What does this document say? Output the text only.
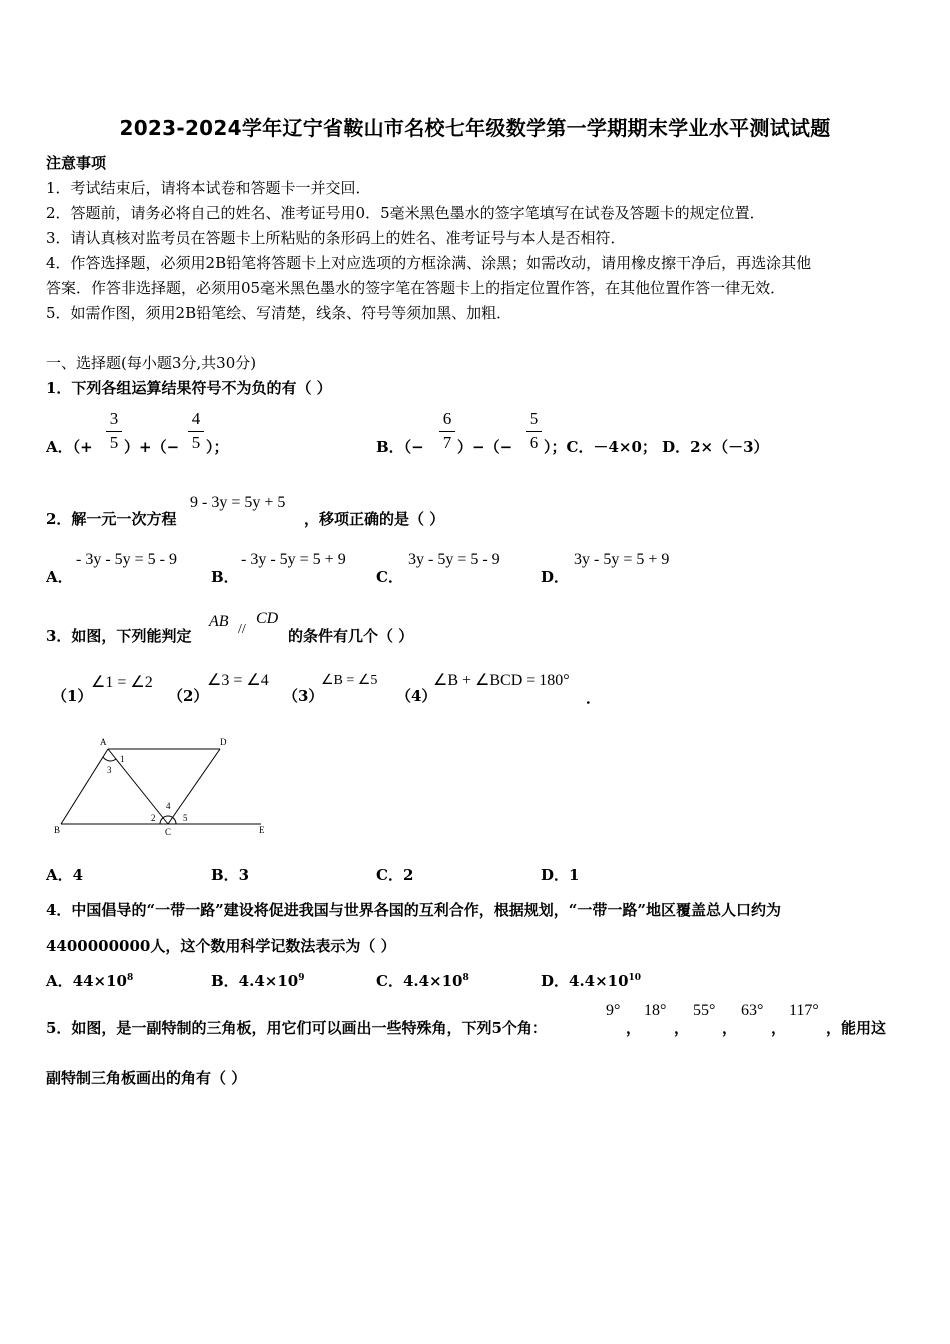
2023-2024学年辽宁省鞍山市名校七年级数学第一学期期末学业水平测试试题
注意事项
1．考试结束后，请将本试卷和答题卡一并交回．
2．答题前，请务必将自己的姓名、准考证号用0．5毫米黑色墨水的签字笔填写在试卷及答题卡的规定位置．
3．请认真核对监考员在答题卡上所粘贴的条形码上的姓名、准考证号与本人是否相符．
4．作答选择题，必须用2B铅笔将答题卡上对应选项的方框涂满、涂黑；如需改动，请用橡皮擦干净后，再选涂其他
答案．作答非选择题，必须用05毫米黑色墨水的签字笔在答题卡上的指定位置作答，在其他位置作答一律无效．
5．如需作图，须用2B铅笔绘、写清楚，线条、符号等须加黑、加粗．
一、选择题(每小题3分,共30分)
1．下列各组运算结果符号不为负的有（ ）
A．（+
3
5 ）+（−
4
5 ）；	B．（−
6
7 ）−（−
5
6 ）；C．－4×0； D．2×（－3）
2．解一元一次方程
9 - 3y = 5y + 5
，移项正确的是（ ）
A．
- 3y - 5y = 5 - 9
B．
- 3y - 5y = 5 + 9
C．
3y - 5y = 5 - 9
D．
3y - 5y = 5 + 9
3．如图，下列能判定
AB //
CD
的条件有几个（ ）
（1）
∠1 = ∠2
（2）
∠3 = ∠4
（3）
∠B = ∠5
（4）
∠B + ∠BCD = 180°
．
A	D
B	C	E
1
2
3
4
5
A．4	B．3	C．2	D．1
4．中国倡导的“一带一路”建设将促进我国与世界各国的互利合作，根据规划，“一带一路”地区覆盖总人口约为
4400000000人，这个数用科学记数法表示为（ ）
A．$44\times 10^8$	B．$4.4\times 10^9$	C．$4.4\times 10^8$	D．$4.4\times 10^{10}$
5．如图，是一副特制的三角板，用它们可以画出一些特殊角，下列5个角：
9°
，
18°
，
55°
，
63°
，
117°
，能用这
副特制三角板画出的角有（ ）
